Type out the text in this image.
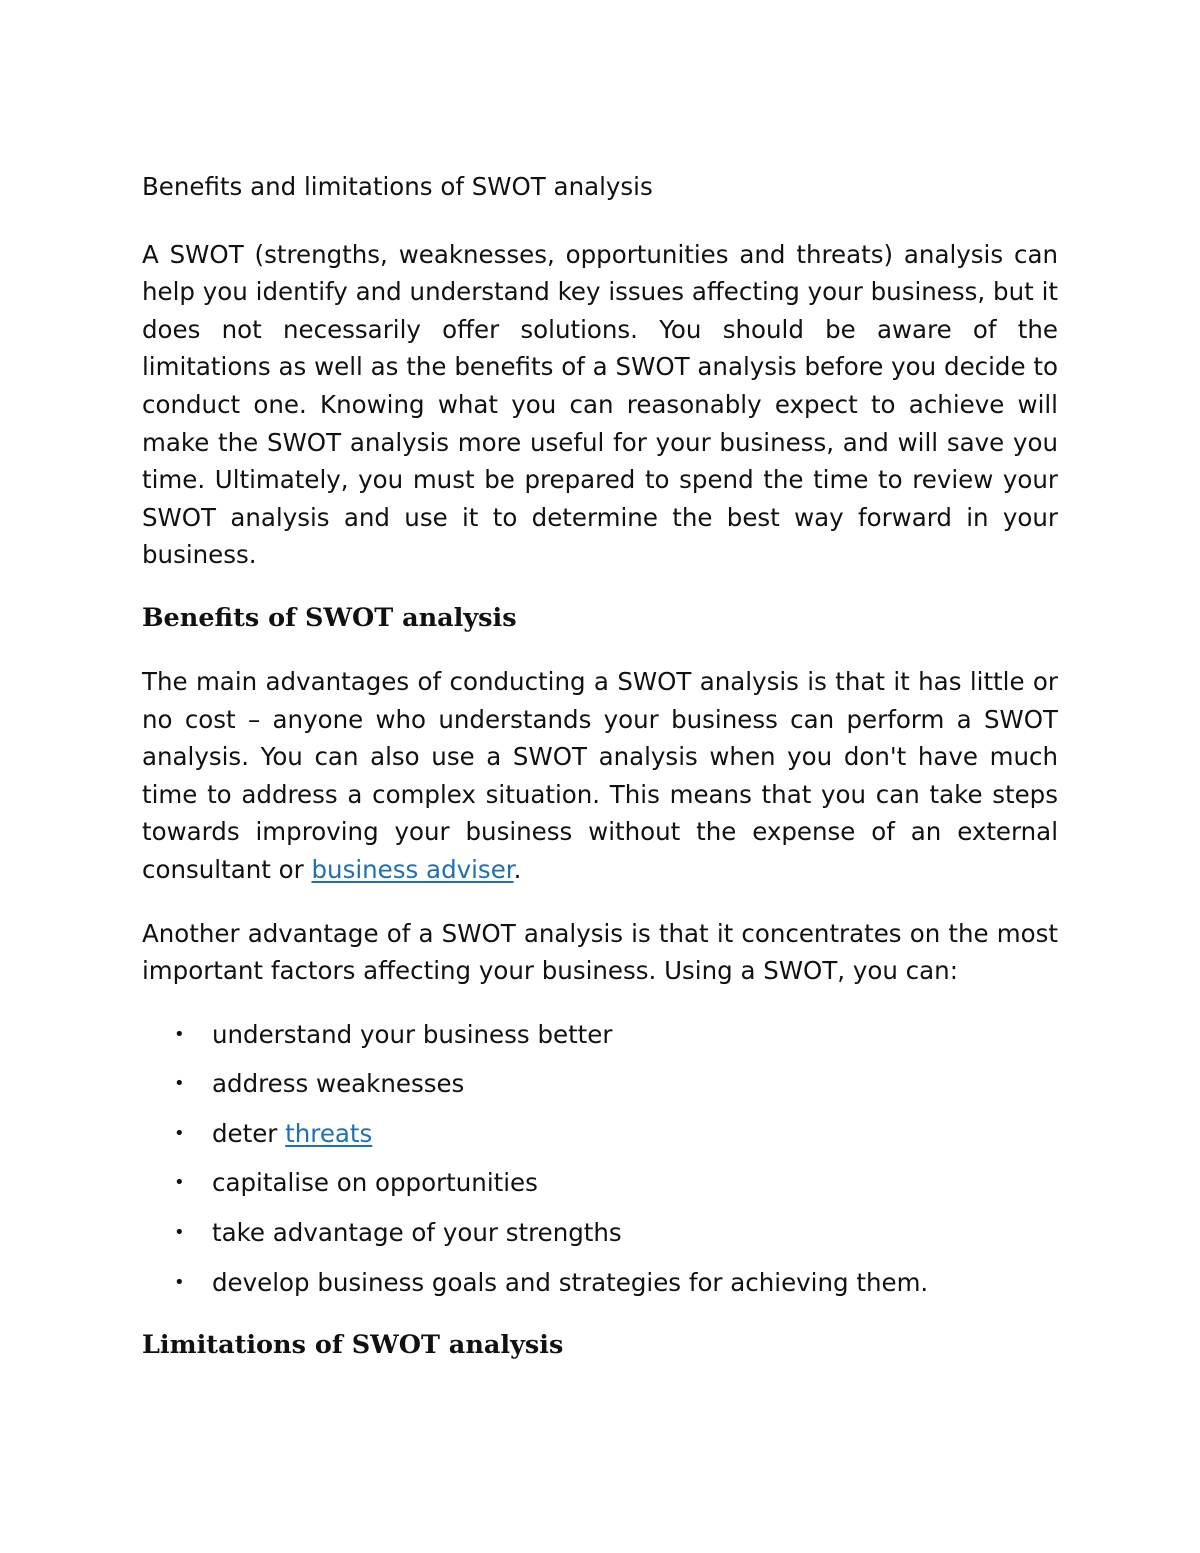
Benefits and limitations of SWOT analysis

A SWOT (strengths, weaknesses, opportunities and threats) analysis can help you identify and understand key issues affecting your business, but it does not necessarily offer solutions. You should be aware of the limitations as well as the benefits of a SWOT analysis before you decide to conduct one. Knowing what you can reasonably expect to achieve will make the SWOT analysis more useful for your business, and will save you time. Ultimately, you must be prepared to spend the time to review your SWOT analysis and use it to determine the best way forward in your business.

Benefits of SWOT analysis

The main advantages of conducting a SWOT analysis is that it has little or no cost – anyone who understands your business can perform a SWOT analysis. You can also use a SWOT analysis when you don't have much time to address a complex situation. This means that you can take steps towards improving your business without the expense of an external consultant or business adviser.

Another advantage of a SWOT analysis is that it concentrates on the most important factors affecting your business. Using a SWOT, you can:

• understand your business better
• address weaknesses
• deter threats
• capitalise on opportunities
• take advantage of your strengths
• develop business goals and strategies for achieving them.
Limitations of SWOT analysis
